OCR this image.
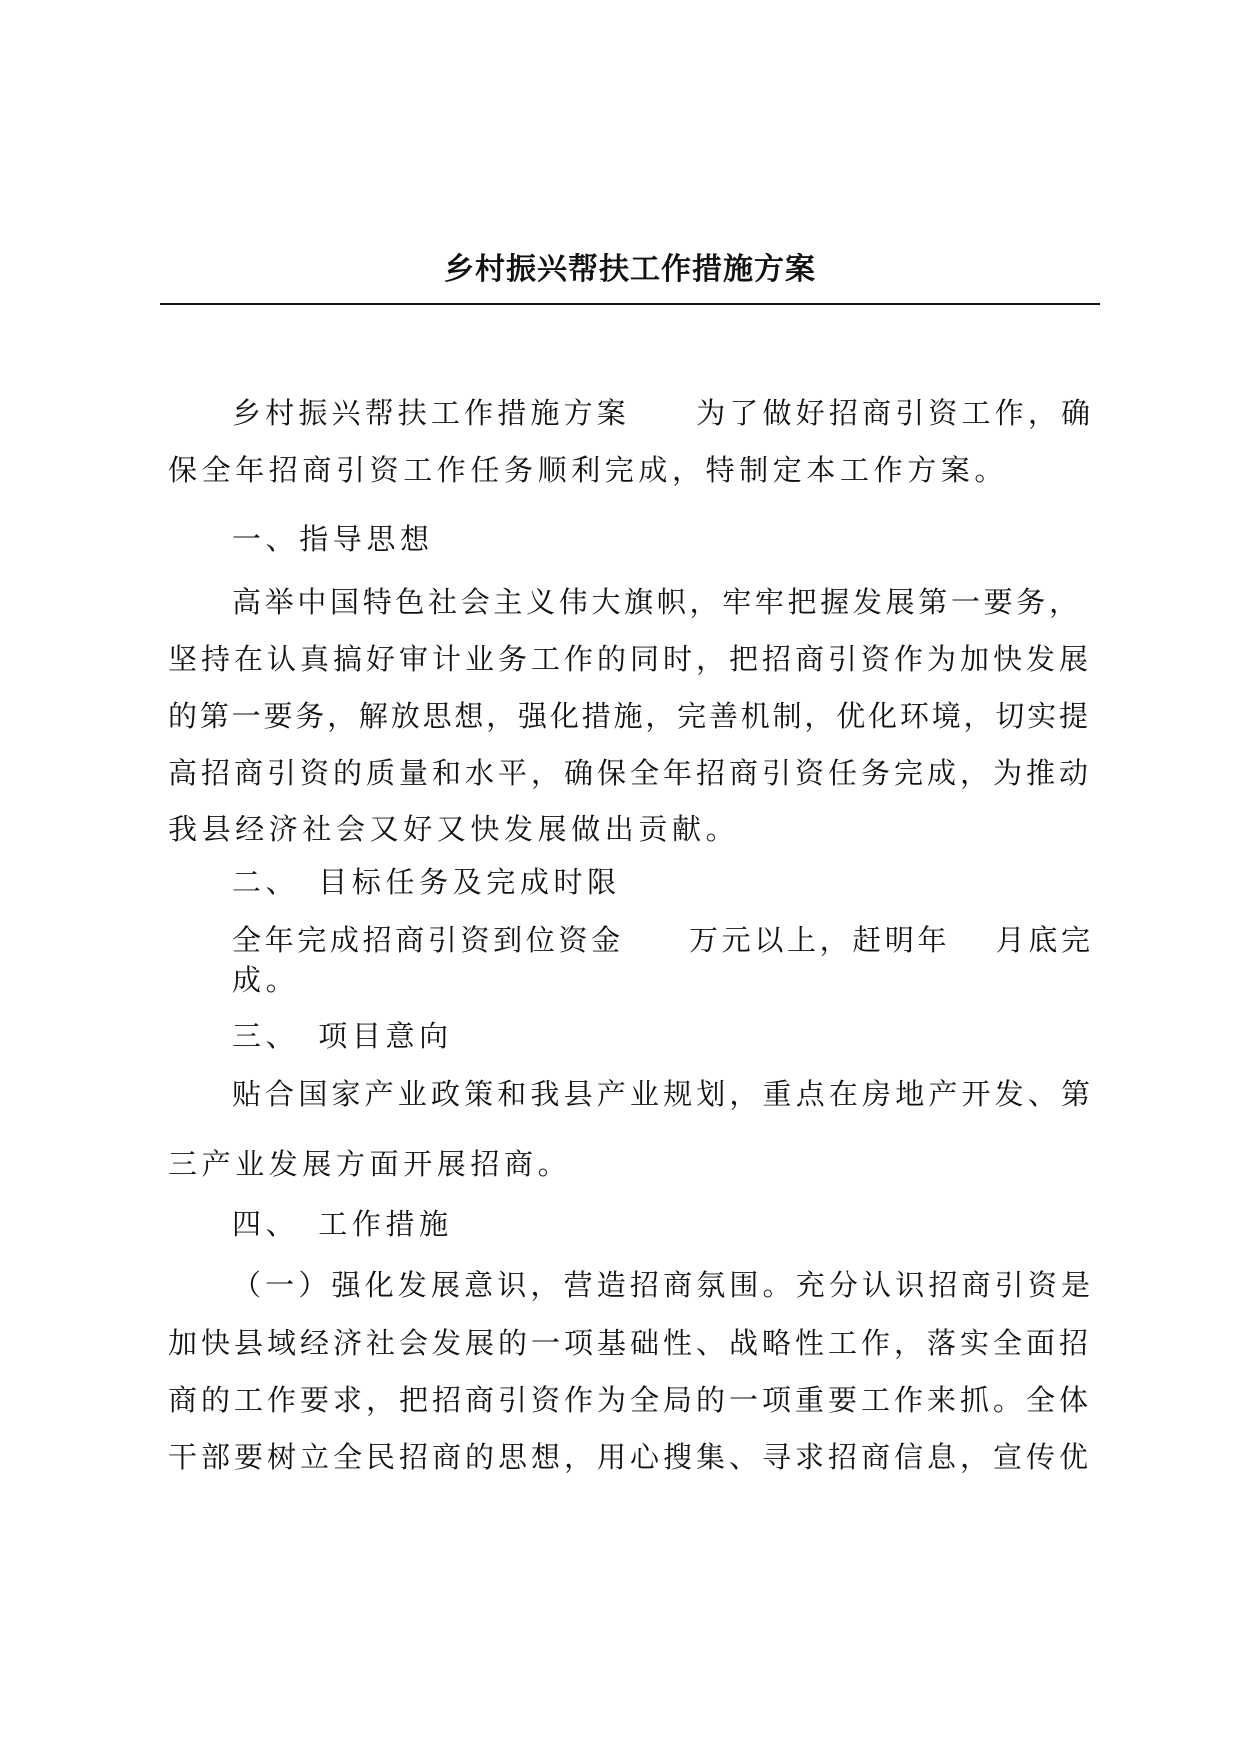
乡村振兴帮扶工作措施方案
乡村振兴帮扶工作措施方案　　为了做好招商引资工作，确
保全年招商引资工作任务顺利完成，特制定本工作方案。
一、指导思想
高举中国特色社会主义伟大旗帜，牢牢把握发展第一要务，
坚持在认真搞好审计业务工作的同时，把招商引资作为加快发展
的第一要务，解放思想，强化措施，完善机制，优化环境，切实提
高招商引资的质量和水平，确保全年招商引资任务完成，为推动
我县经济社会又好又快发展做出贡献。
二、　目标任务及完成时限
全年完成招商引资到位资金　　万元以上，赶明年　 月底完
成。
三、　项目意向
贴合国家产业政策和我县产业规划，重点在房地产开发、第
三产业发展方面开展招商。
四、　工作措施
（一）强化发展意识，营造招商氛围。充分认识招商引资是
加快县域经济社会发展的一项基础性、战略性工作，落实全面招
商的工作要求，把招商引资作为全局的一项重要工作来抓。全体
干部要树立全民招商的思想，用心搜集、寻求招商信息，宣传优
